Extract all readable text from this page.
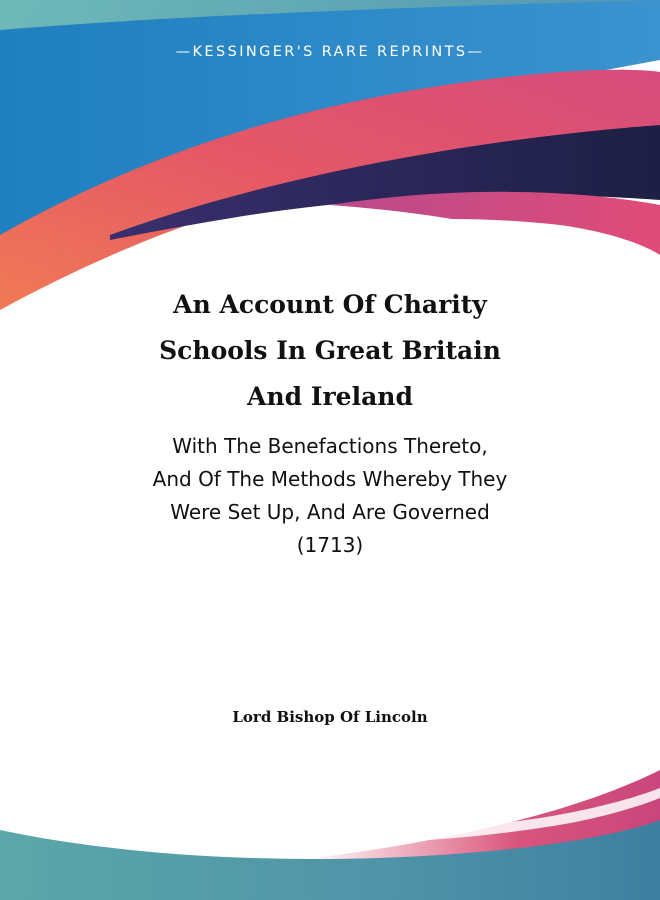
—KESSINGER'S RARE REPRINTS—
An Account Of Charity
Schools In Great Britain
And Ireland

With The Benefactions Thereto,
And Of The Methods Whereby They
Were Set Up, And Are Governed
(1713)

Lord Bishop Of Lincoln
